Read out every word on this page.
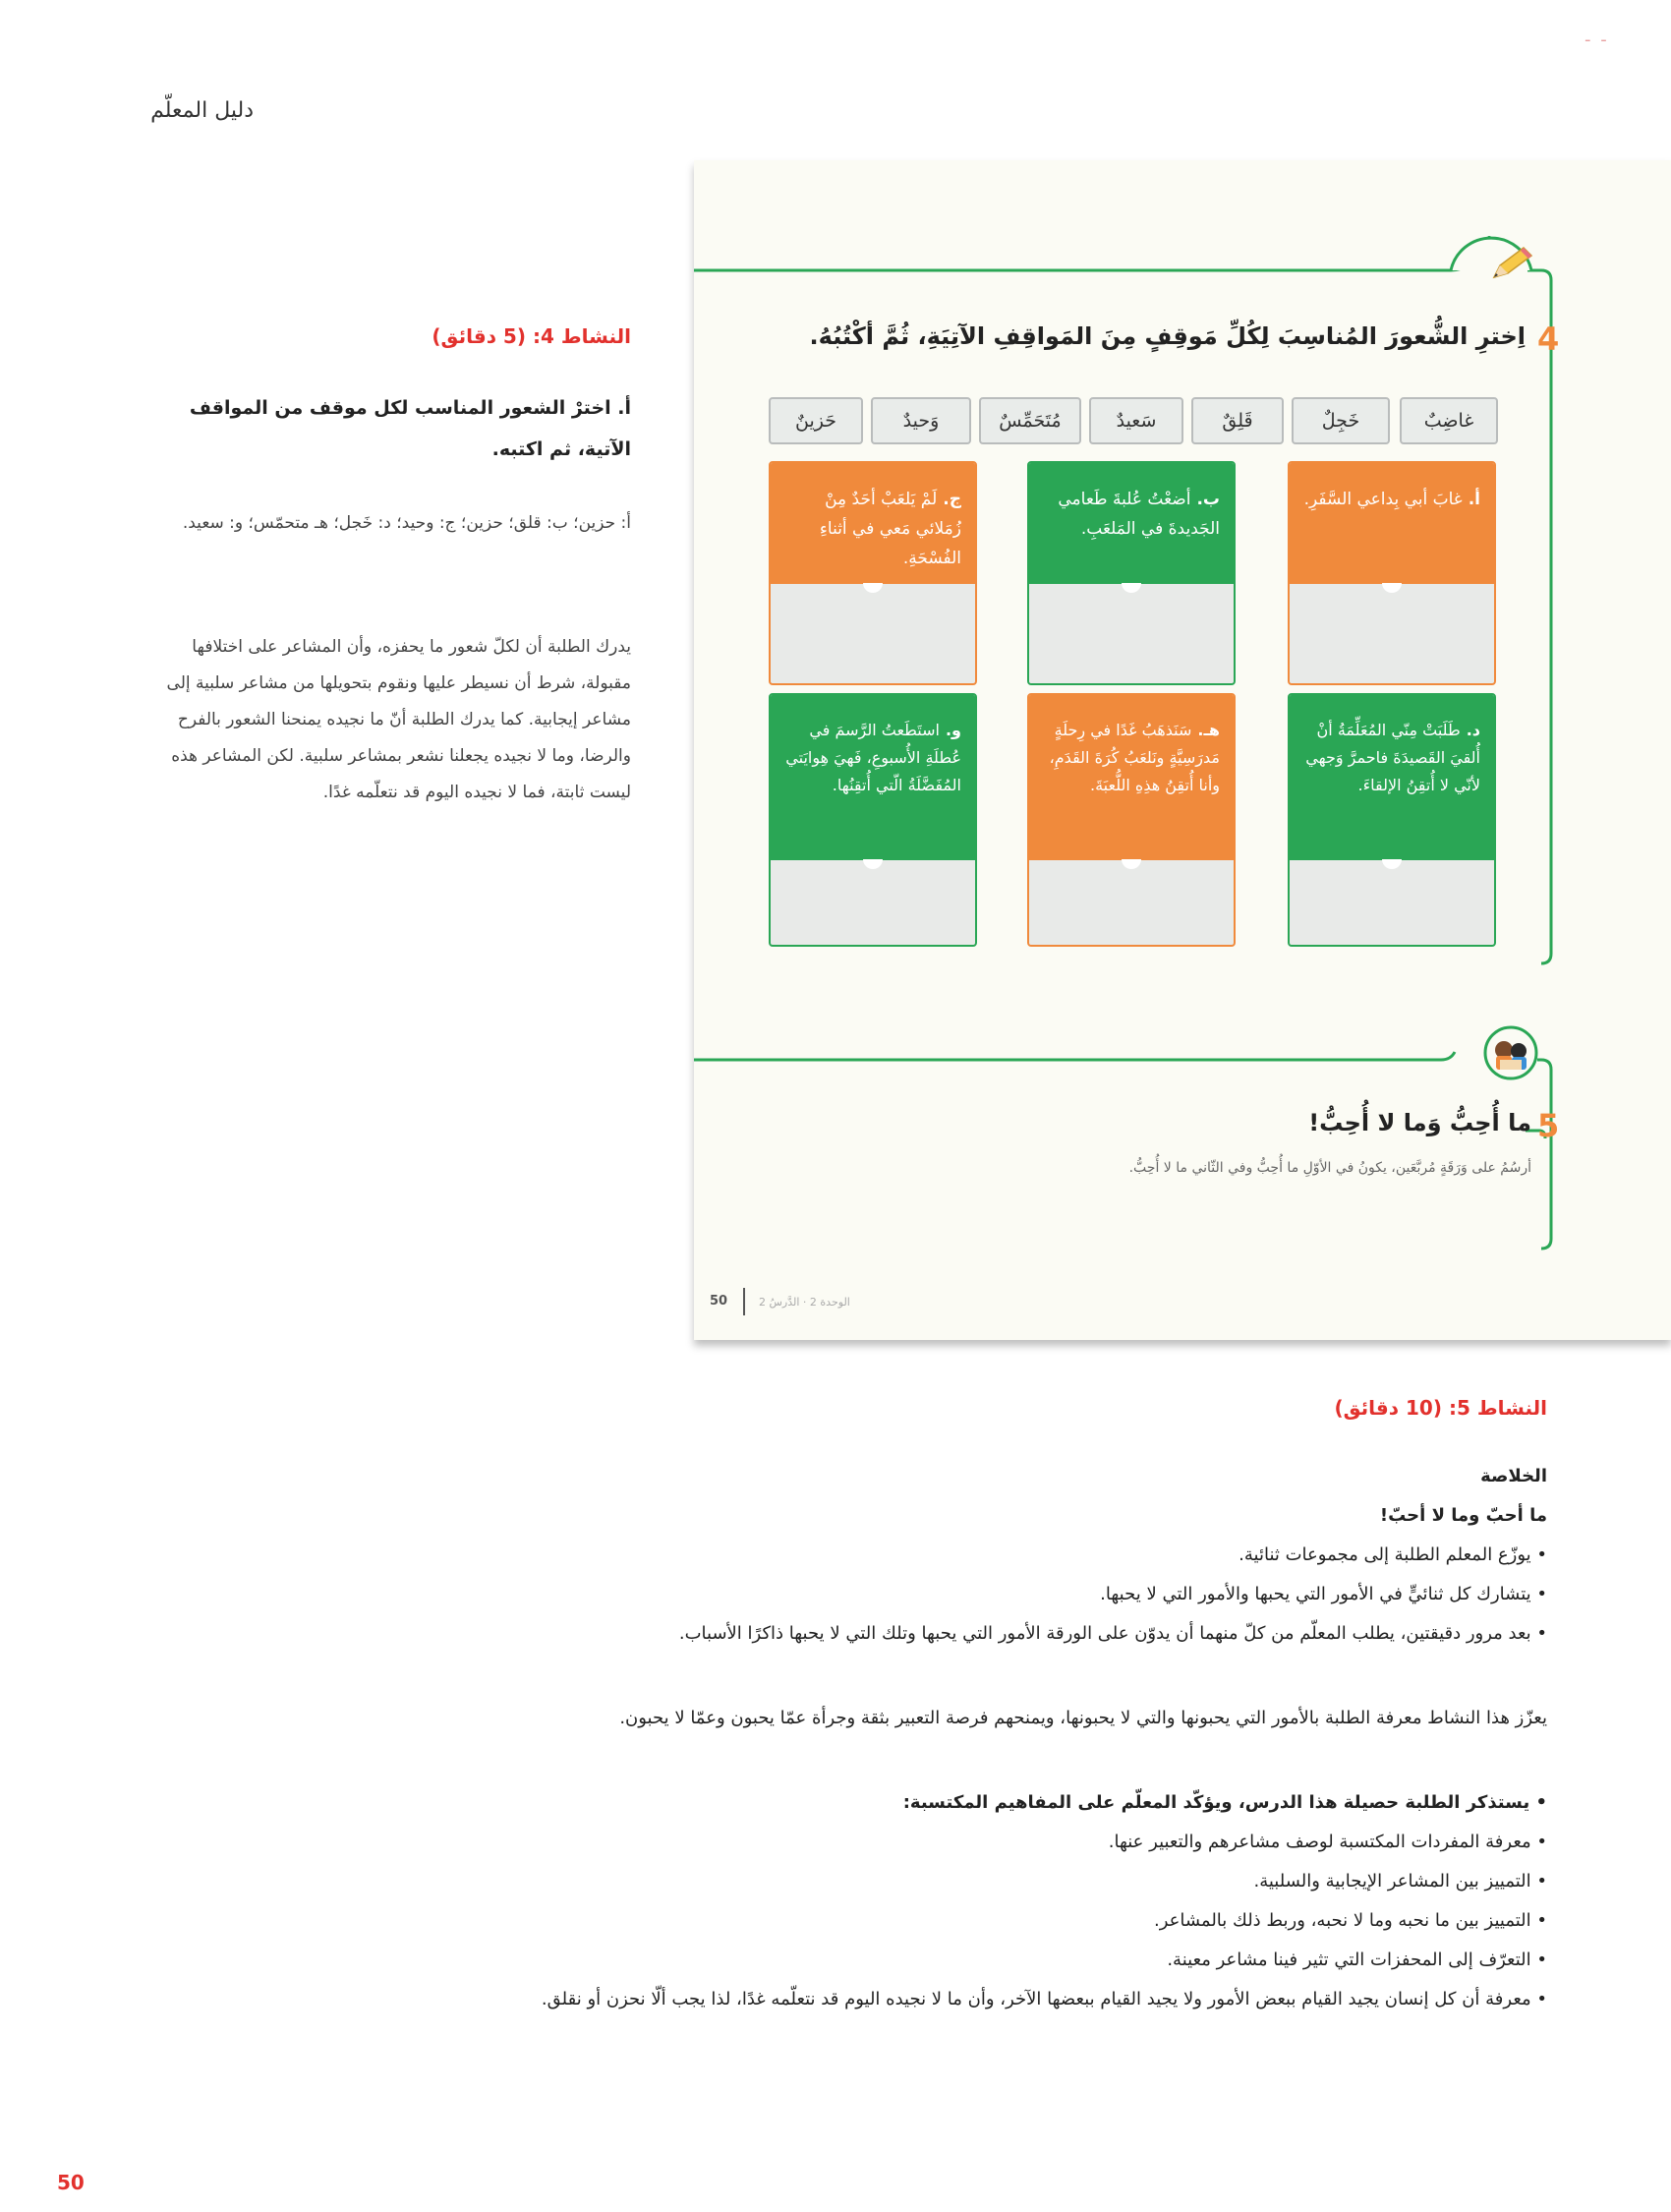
دليل المعلّم
- -
النشاط 4: (5 دقائق)
أ. اخترْ الشعور المناسب لكل موقف من المواقف الآتية، ثم اكتبه.
أ: حزين؛ ب: قلق؛ حزين؛ ج: وحيد؛ د: خَجل؛ هـ متحمّس؛ و: سعيد.
يدرك الطلبة أن لكلّ شعور ما يحفزه، وأن المشاعر على اختلافها مقبولة، شرط أن نسيطر عليها ونقوم بتحويلها من مشاعر سلبية إلى مشاعر إيجابية. كما يدرك الطلبة أنّ ما نجيده يمنحنا الشعور بالفرح والرضا، وما لا نجيده يجعلنا نشعر بمشاعر سلبية. لكن المشاعر هذه ليست ثابتة، فما لا نجيده اليوم قد نتعلّمه غدًا.
4
اِخترِ الشُّعورَ المُناسِبَ لِكُلِّ مَوقِفٍ مِنَ المَواقِفِ الآتِيَةِ، ثُمَّ أكْتُبُهُ.
غاضِبٌ
خَجِلٌ
قَلِقٌ
سَعيدٌ
مُتَحَمِّسٌ
وَحيدٌ
حَزينٌ
أ.غابَ أبي بِداعي السَّفَرِ.
ب.أضعْتُ عُلبةَ طَعامي الجَديدةَ في المَلعَبِ.
ج.لَمْ يَلعَبْ أحَدٌ مِنْ زُمَلائي مَعي في أثناءِ الفُسْحَةِ.
د.طَلَبَتْ مِنّي المُعَلِّمَةُ أنْ أُلقيَ القَصيدَةَ فاحمرَّ وَجهي لأنّي لا أُتقِنُ الإلقاءَ.
هـ.سَنَذهَبُ غَدًا في رِحلَةٍ مَدرَسِيَّةٍ ونَلعَبُ كُرَةَ القَدَمِ، وأنا أُتقِنُ هذِهِ اللُّعبَةَ.
و.استَطَعتُ الرَّسمَ في عُطلَةِ الأُسبوعِ، فَهيَ هِوايَتي المُفَضَّلَةُ الّتي أُتقِنُها.
5
ما أُحِبُّ وَما لا أُحِبُّ!
أرسُمُ على وَرَقَةٍ مُربَّعَين، يكونُ في الأوّلِ ما أُحِبُّ وفي الثّاني ما لا أُحِبُّ.
50	الوحدة 2 · الدَّرسُ 2
النشاط 5: (10 دقائق)
الخلاصة
ما أحبّ وما لا أحبّ!
• يوزّع المعلم الطلبة إلى مجموعات ثنائية.
• يتشارك كل ثنائيٍّ في الأمور التي يحبها والأمور التي لا يحبها.
• بعد مرور دقيقتين، يطلب المعلّم من كلّ منهما أن يدوّن على الورقة الأمور التي يحبها وتلك التي لا يحبها ذاكرًا الأسباب.
يعزّز هذا النشاط معرفة الطلبة بالأمور التي يحبونها والتي لا يحبونها، ويمنحهم فرصة التعبير بثقة وجرأة عمّا يحبون وعمّا لا يحبون.
• يستذكر الطلبة حصيلة هذا الدرس، ويؤكّد المعلّم على المفاهيم المكتسبة:
• معرفة المفردات المكتسبة لوصف مشاعرهم والتعبير عنها.
• التمييز بين المشاعر الإيجابية والسلبية.
• التمييز بين ما نحبه وما لا نحبه، وربط ذلك بالمشاعر.
• التعرّف إلى المحفزات التي تثير فينا مشاعر معينة.
• معرفة أن كل إنسان يجيد القيام ببعض الأمور ولا يجيد القيام ببعضها الآخر، وأن ما لا نجيده اليوم قد نتعلّمه غدًا، لذا يجب ألّا نحزن أو نقلق.
50
